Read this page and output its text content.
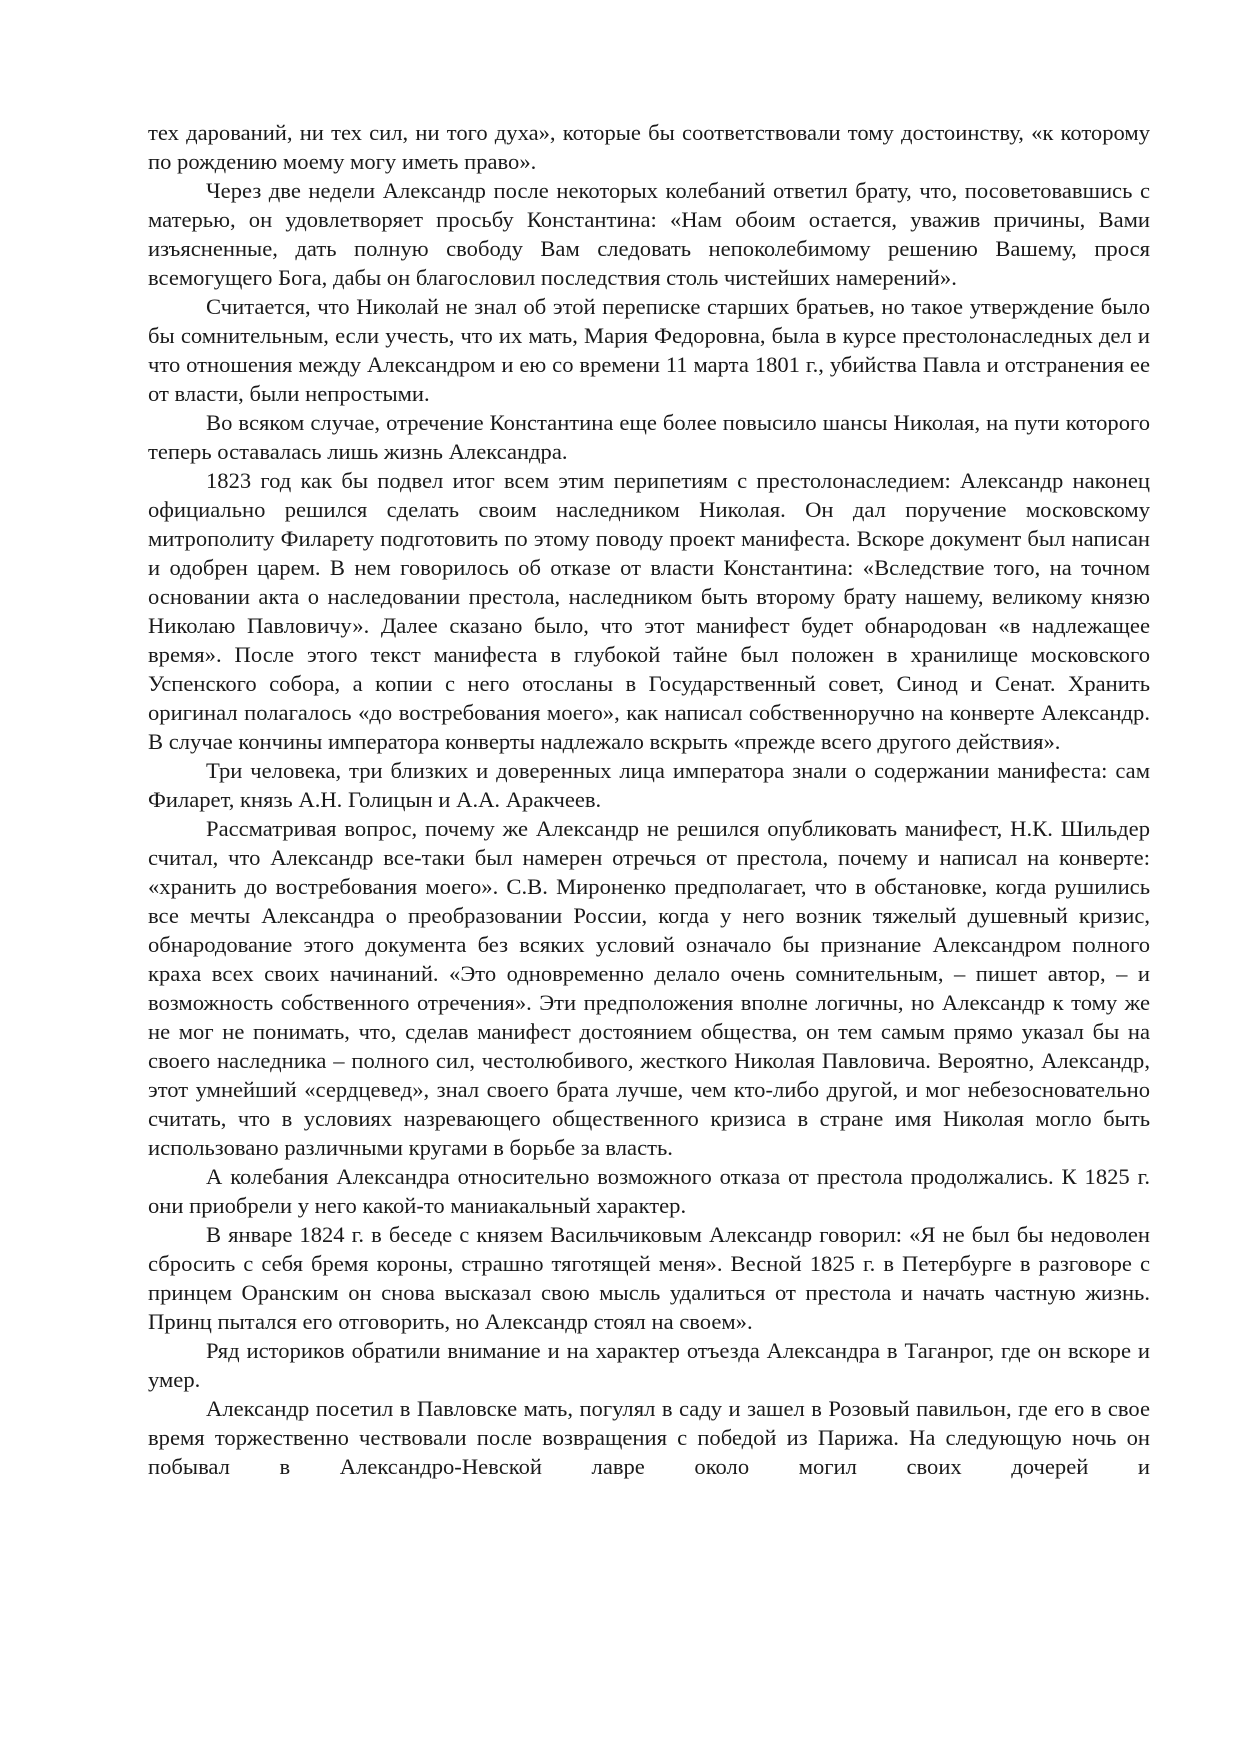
тех дарований, ни тех сил, ни того духа», которые бы соответствовали тому достоинству, «к которому по рождению моему могу иметь право».

Через две недели Александр после некоторых колебаний ответил брату, что, посоветовавшись с матерью, он удовлетворяет просьбу Константина: «Нам обоим остается, уважив причины, Вами изъясненные, дать полную свободу Вам следовать непоколебимому решению Вашему, прося всемогущего Бога, дабы он благословил последствия столь чистейших намерений».

Считается, что Николай не знал об этой переписке старших братьев, но такое утверждение было бы сомнительным, если учесть, что их мать, Мария Федоровна, была в курсе престолонаследных дел и что отношения между Александром и ею со времени 11 марта 1801 г., убийства Павла и отстранения ее от власти, были непростыми.

Во всяком случае, отречение Константина еще более повысило шансы Николая, на пути которого теперь оставалась лишь жизнь Александра.

1823 год как бы подвел итог всем этим перипетиям с престолонаследием: Александр наконец официально решился сделать своим наследником Николая. Он дал поручение московскому митрополиту Филарету подготовить по этому поводу проект манифеста. Вскоре документ был написан и одобрен царем. В нем говорилось об отказе от власти Константина: «Вследствие того, на точном основании акта о наследовании престола, наследником быть второму брату нашему, великому князю Николаю Павловичу». Далее сказано было, что этот манифест будет обнародован «в надлежащее время». После этого текст манифеста в глубокой тайне был положен в хранилище московского Успенского собора, а копии с него отосланы в Государственный совет, Синод и Сенат. Хранить оригинал полагалось «до востребования моего», как написал собственноручно на конверте Александр. В случае кончины императора конверты надлежало вскрыть «прежде всего другого действия».

Три человека, три близких и доверенных лица императора знали о содержании манифеста: сам Филарет, князь А.Н. Голицын и А.А. Аракчеев.

Рассматривая вопрос, почему же Александр не решился опубликовать манифест, Н.К. Шильдер считал, что Александр все-таки был намерен отречься от престола, почему и написал на конверте: «хранить до востребования моего». С.В. Мироненко предполагает, что в обстановке, когда рушились все мечты Александра о преобразовании России, когда у него возник тяжелый душевный кризис, обнародование этого документа без всяких условий означало бы признание Александром полного краха всех своих начинаний. «Это одновременно делало очень сомнительным, – пишет автор, – и возможность собственного отречения». Эти предположения вполне логичны, но Александр к тому же не мог не понимать, что, сделав манифест достоянием общества, он тем самым прямо указал бы на своего наследника – полного сил, честолюбивого, жесткого Николая Павловича. Вероятно, Александр, этот умнейший «сердцевед», знал своего брата лучше, чем кто-либо другой, и мог небезосновательно считать, что в условиях назревающего общественного кризиса в стране имя Николая могло быть использовано различными кругами в борьбе за власть.

А колебания Александра относительно возможного отказа от престола продолжались. К 1825 г. они приобрели у него какой-то маниакальный характер.

В январе 1824 г. в беседе с князем Васильчиковым Александр говорил: «Я не был бы недоволен сбросить с себя бремя короны, страшно тяготящей меня». Весной 1825 г. в Петербурге в разговоре с принцем Оранским он снова высказал свою мысль удалиться от престола и начать частную жизнь. Принц пытался его отговорить, но Александр стоял на своем».

Ряд историков обратили внимание и на характер отъезда Александра в Таганрог, где он вскоре и умер.

Александр посетил в Павловске мать, погулял в саду и зашел в Розовый павильон, где его в свое время торжественно чествовали после возвращения с победой из Парижа. На следующую ночь он побывал в Александро-Невской лавре около могил своих дочерей и
